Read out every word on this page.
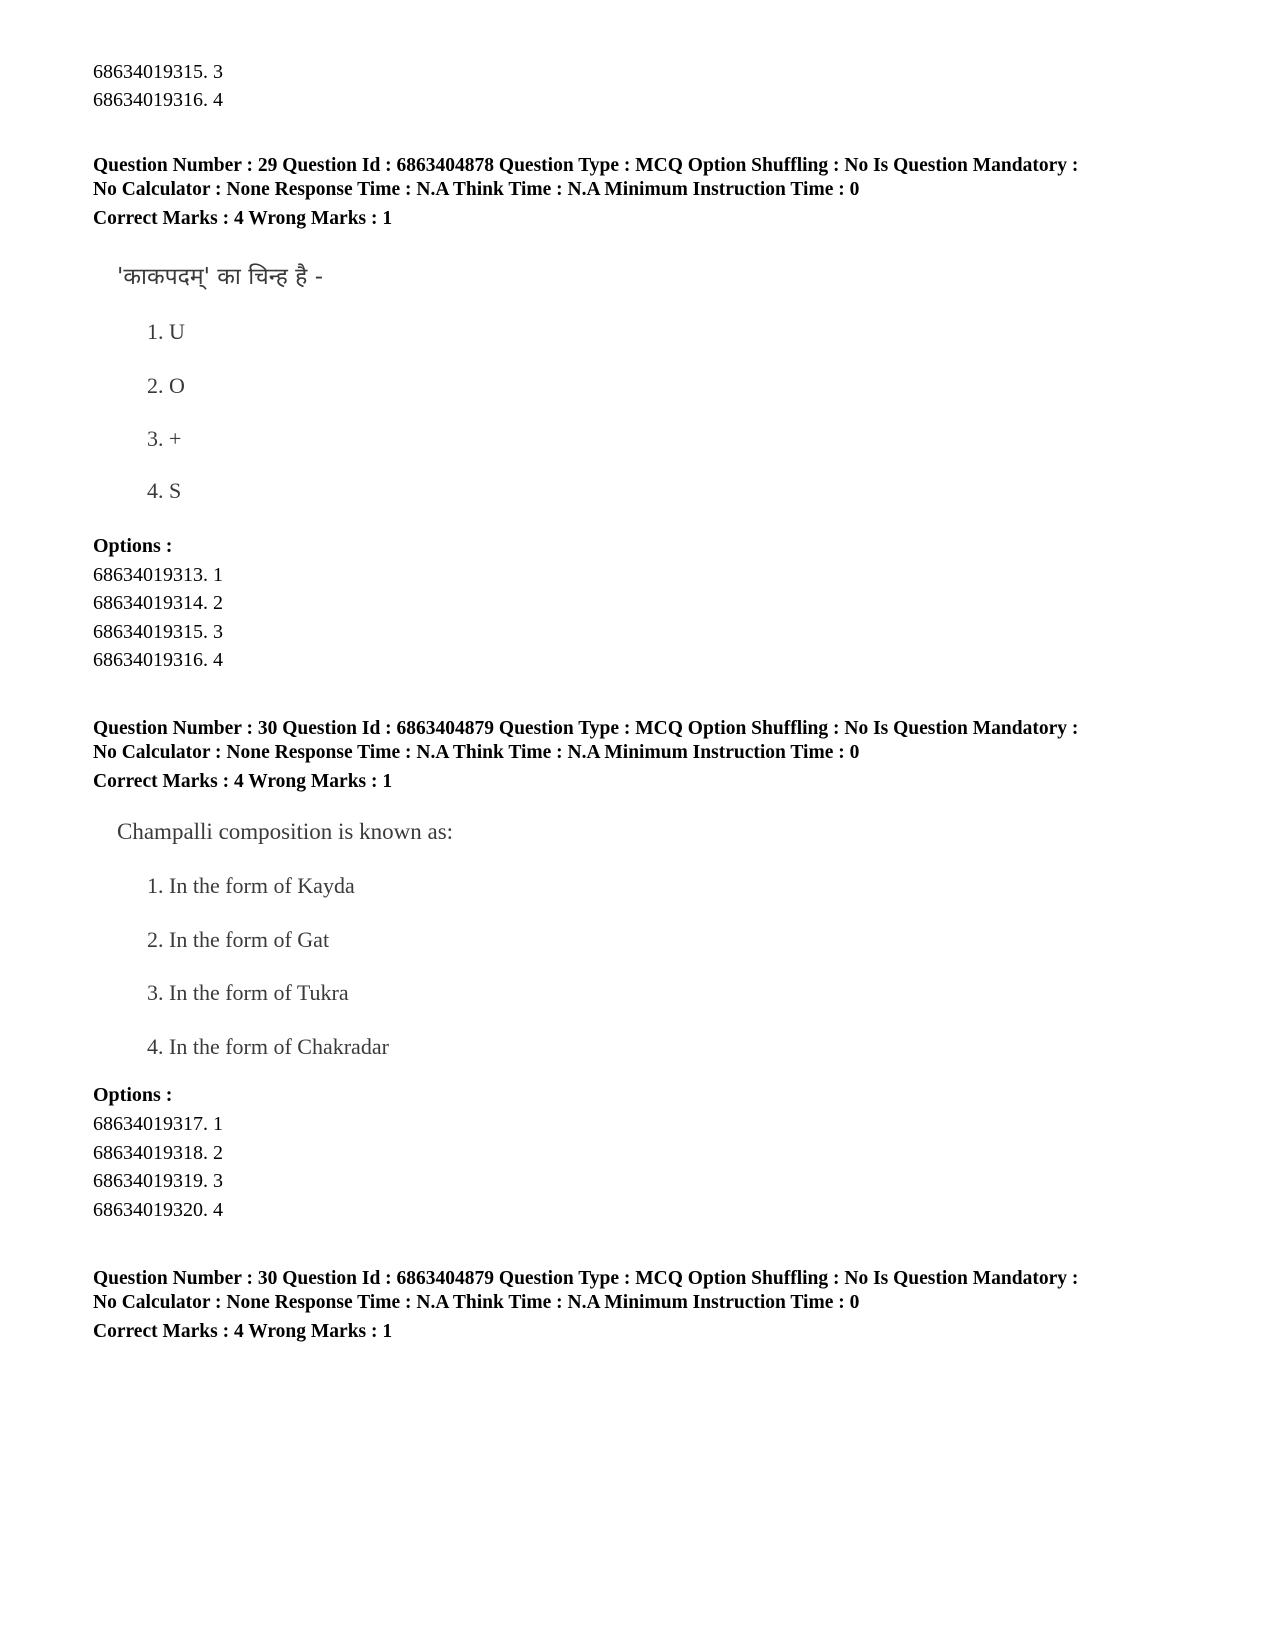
68634019315. 3
68634019316. 4
Question Number : 29 Question Id : 6863404878 Question Type : MCQ Option Shuffling : No Is Question Mandatory :
No Calculator : None Response Time : N.A Think Time : N.A Minimum Instruction Time : 0
Correct Marks : 4 Wrong Marks : 1
'काकपदम्' का चिन्ह है -
1. U
2. O
3. +
4. S
Options :
68634019313. 1
68634019314. 2
68634019315. 3
68634019316. 4
Question Number : 30 Question Id : 6863404879 Question Type : MCQ Option Shuffling : No Is Question Mandatory :
No Calculator : None Response Time : N.A Think Time : N.A Minimum Instruction Time : 0
Correct Marks : 4 Wrong Marks : 1
Champalli composition is known as:
1. In the form of Kayda
2. In the form of Gat
3. In the form of Tukra
4. In the form of Chakradar
Options :
68634019317. 1
68634019318. 2
68634019319. 3
68634019320. 4
Question Number : 30 Question Id : 6863404879 Question Type : MCQ Option Shuffling : No Is Question Mandatory :
No Calculator : None Response Time : N.A Think Time : N.A Minimum Instruction Time : 0
Correct Marks : 4 Wrong Marks : 1
